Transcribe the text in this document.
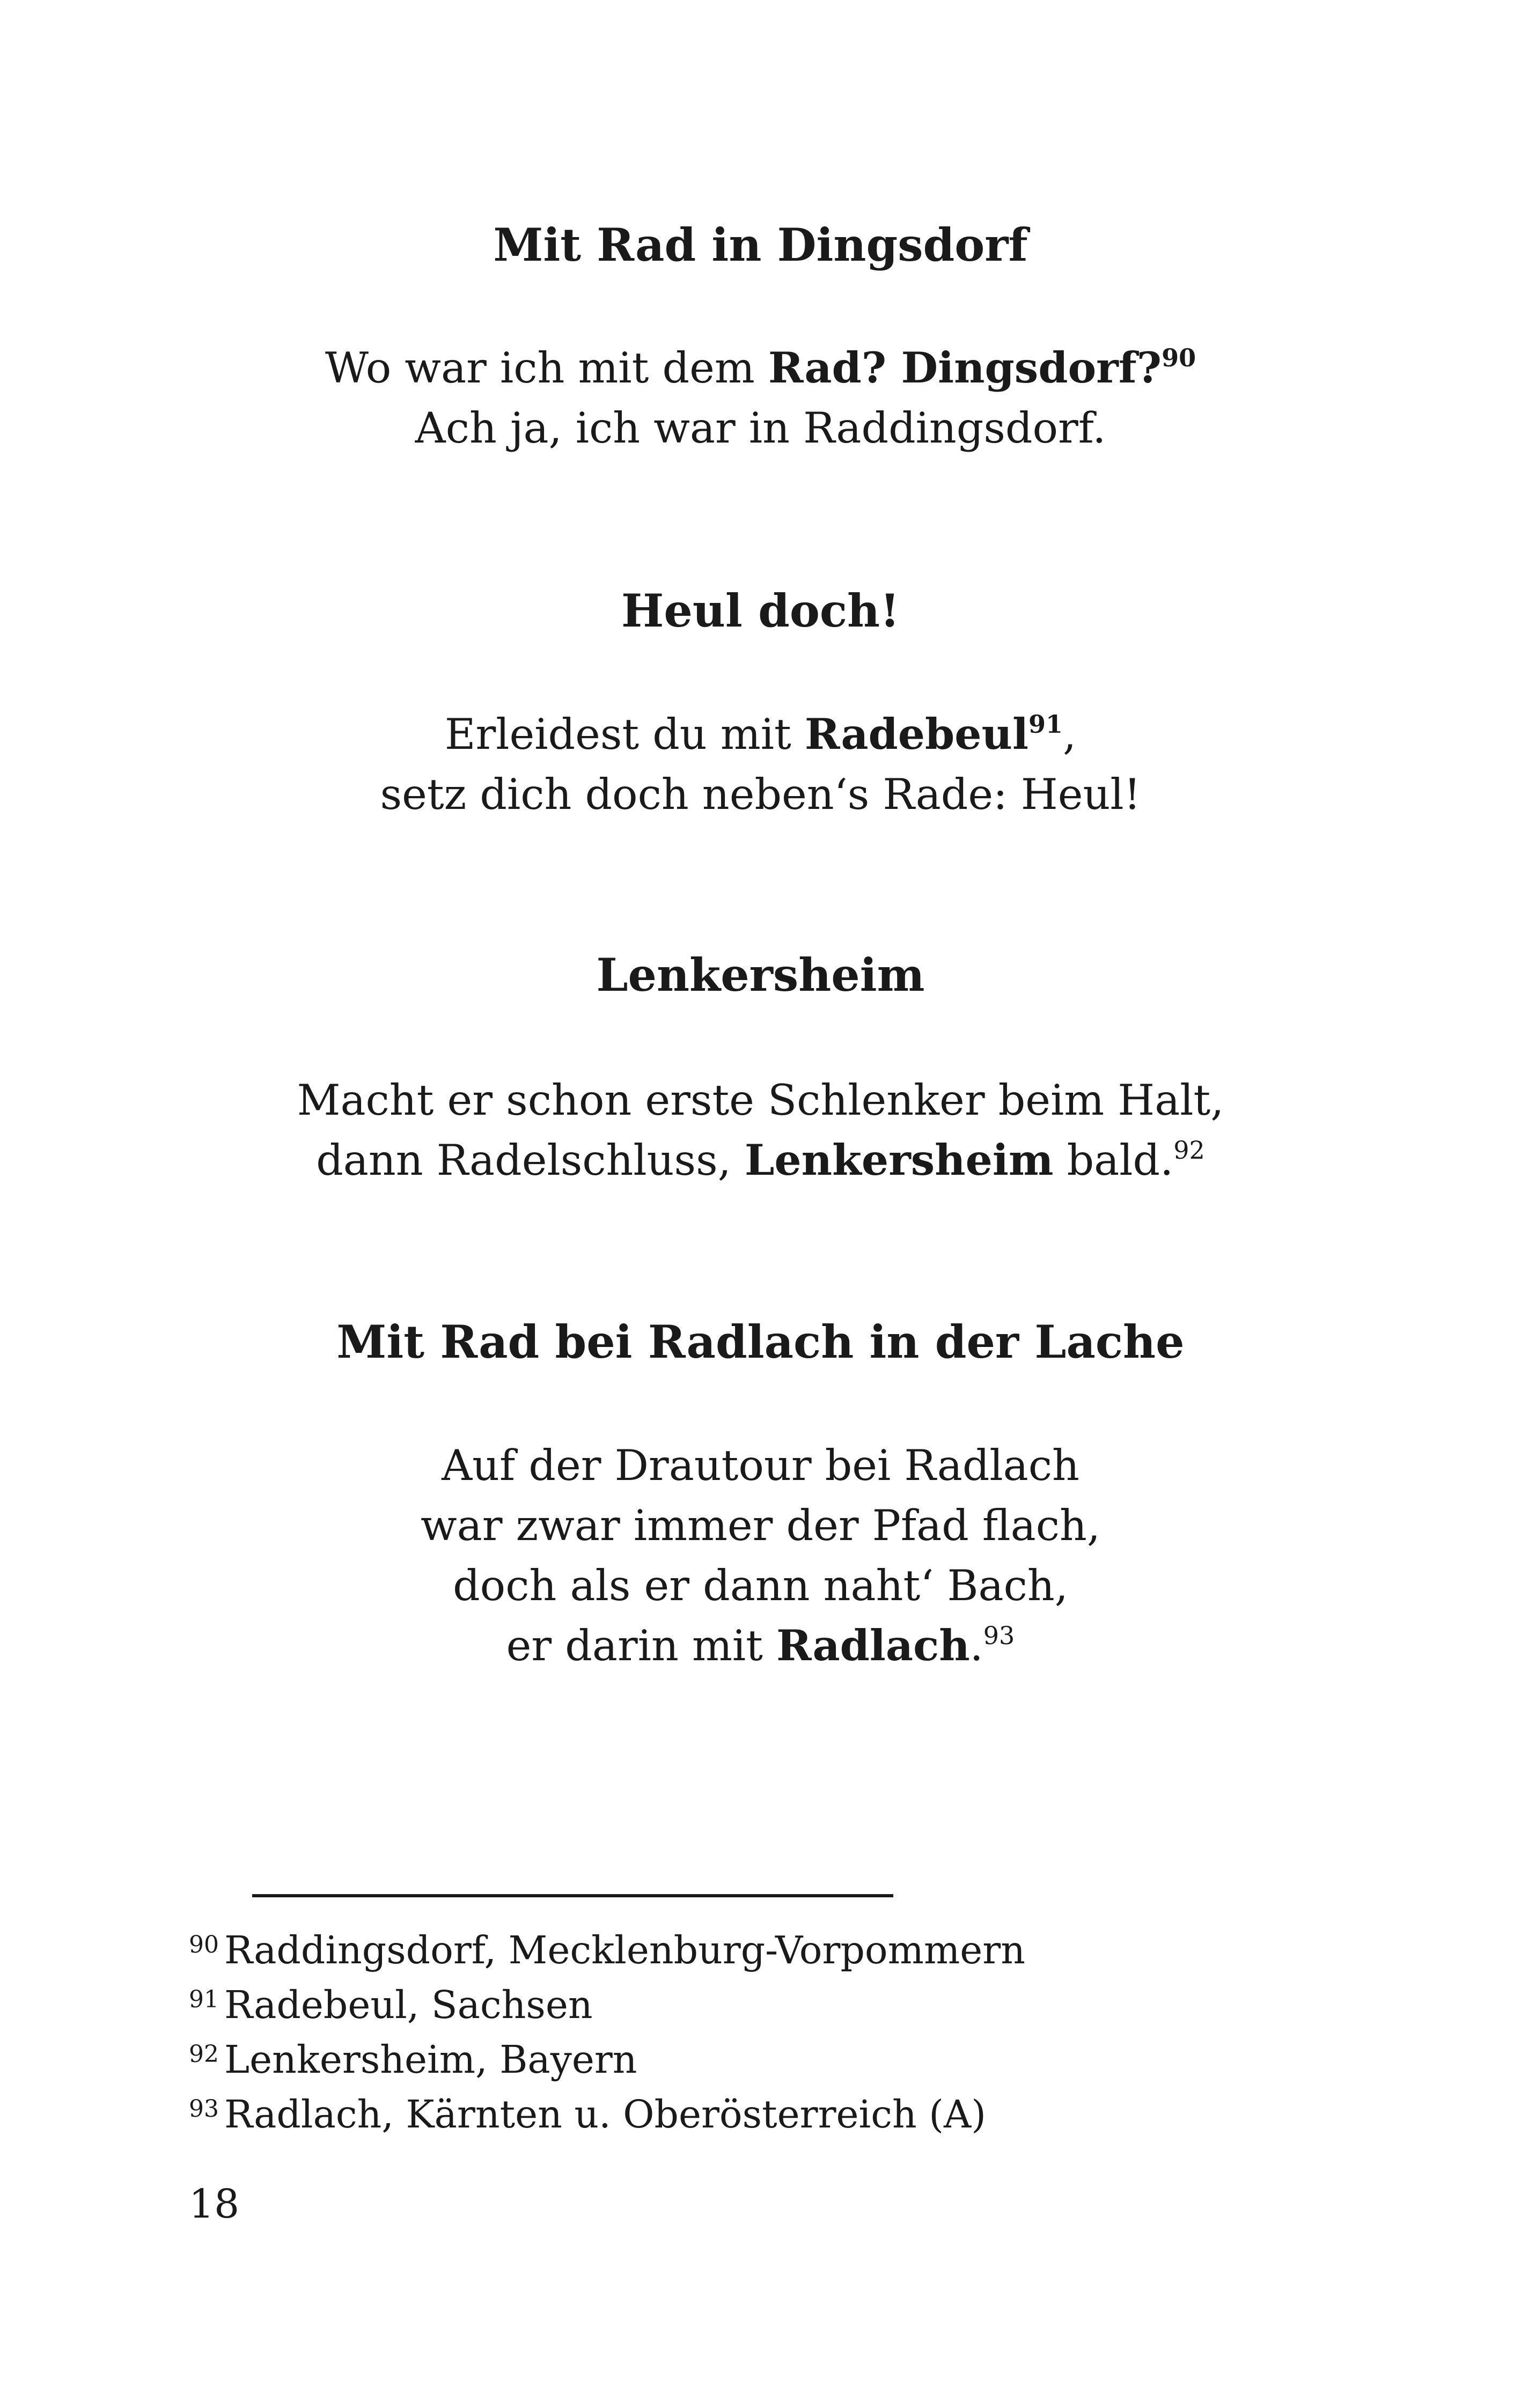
Mit Rad in Dingsdorf
Wo war ich mit dem Rad? Dingsdorf?$^{90}$
Ach ja, ich war in Raddingsdorf.
Heul doch!
Erleidest du mit Radebeul$^{91}$,
setz dich doch neben‘s Rade: Heul!
Lenkersheim
Macht er schon erste Schlenker beim Halt,
dann Radelschluss, Lenkersheim bald.$^{92}$
Mit Rad bei Radlach in der Lache
Auf der Drautour bei Radlach
war zwar immer der Pfad flach,
doch als er dann naht‘ Bach,
er darin mit Radlach.$^{93}$
$^{90}$ Raddingsdorf, Mecklenburg-Vorpommern
$^{91}$ Radebeul, Sachsen
$^{92}$ Lenkersheim, Bayern
$^{93}$ Radlach, Kärnten u. Oberösterreich (A)

18
